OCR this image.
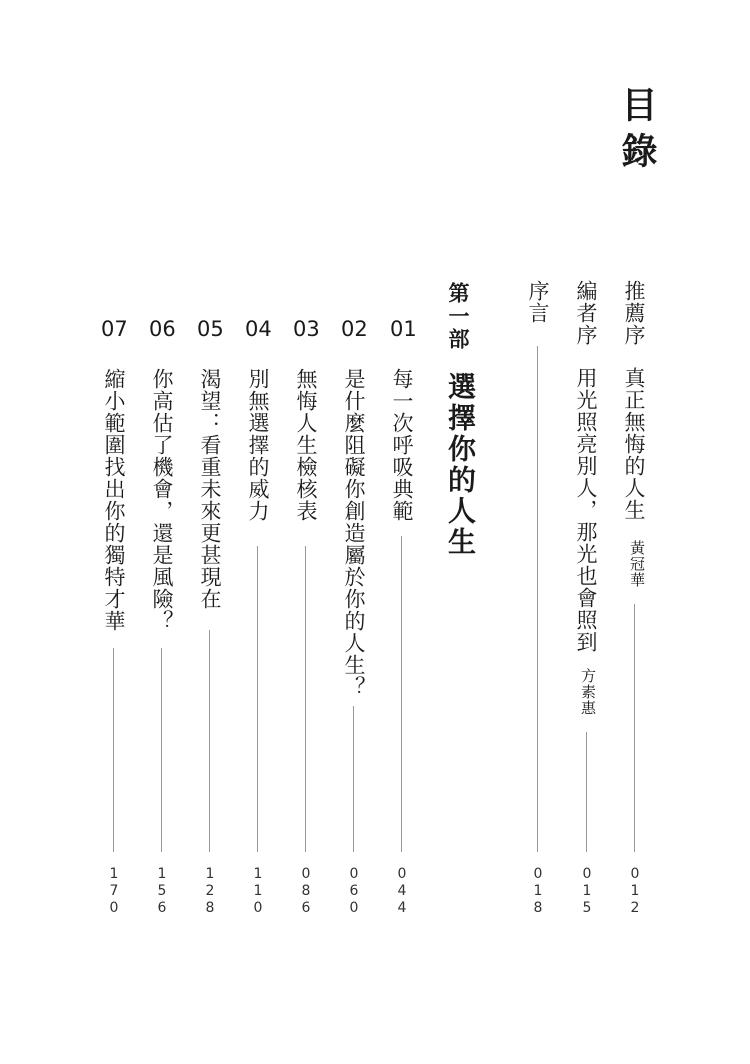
目錄
推薦序
真正無悔的人生
黃冠華
012
編者序
用光照亮別人，那光也會照到
方素惠
015
序言
018
第一部
選擇你的人生
01
每一次呼吸典範
044
02
是什麼阻礙你創造屬於你的人生？
060
03
無悔人生檢核表
086
04
別無選擇的威力
110
05
渴望：看重未來更甚現在
128
06
你高估了機會，還是風險？
156
07
縮小範圍找出你的獨特才華
170
